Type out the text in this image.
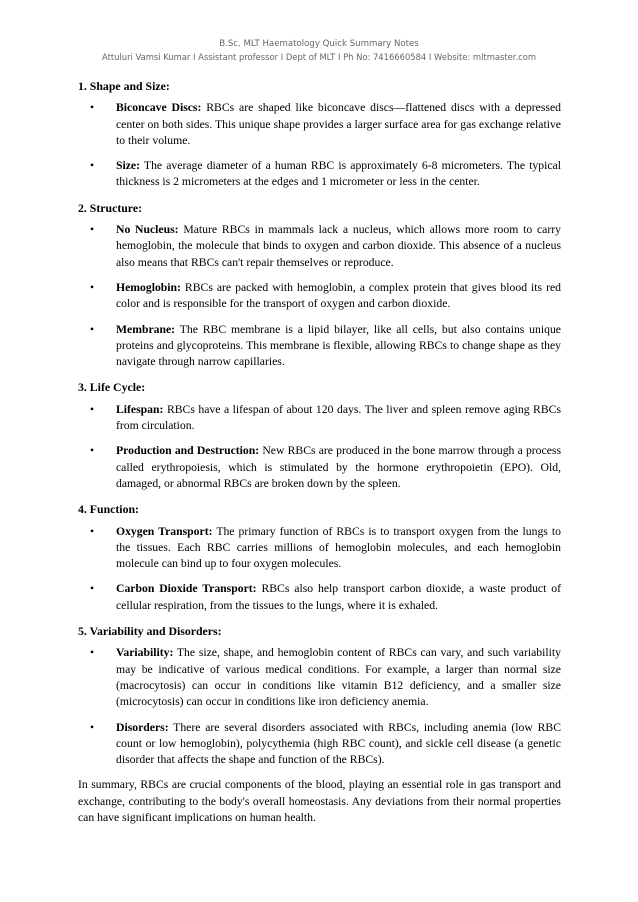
B.Sc. MLT Haematology Quick Summary Notes
Attuluri Vamsi Kumar I Assistant professor I Dept of MLT I Ph No: 7416660584 I Website: mltmaster.com
1. Shape and Size:
• Biconcave Discs: RBCs are shaped like biconcave discs—flattened discs with a depressed center on both sides. This unique shape provides a larger surface area for gas exchange relative to their volume.
• Size: The average diameter of a human RBC is approximately 6-8 micrometers. The typical thickness is 2 micrometers at the edges and 1 micrometer or less in the center.
2. Structure:
• No Nucleus: Mature RBCs in mammals lack a nucleus, which allows more room to carry hemoglobin, the molecule that binds to oxygen and carbon dioxide. This absence of a nucleus also means that RBCs can't repair themselves or reproduce.
• Hemoglobin: RBCs are packed with hemoglobin, a complex protein that gives blood its red color and is responsible for the transport of oxygen and carbon dioxide.
• Membrane: The RBC membrane is a lipid bilayer, like all cells, but also contains unique proteins and glycoproteins. This membrane is flexible, allowing RBCs to change shape as they navigate through narrow capillaries.
3. Life Cycle:
• Lifespan: RBCs have a lifespan of about 120 days. The liver and spleen remove aging RBCs from circulation.
• Production and Destruction: New RBCs are produced in the bone marrow through a process called erythropoiesis, which is stimulated by the hormone erythropoietin (EPO). Old, damaged, or abnormal RBCs are broken down by the spleen.
4. Function:
• Oxygen Transport: The primary function of RBCs is to transport oxygen from the lungs to the tissues. Each RBC carries millions of hemoglobin molecules, and each hemoglobin molecule can bind up to four oxygen molecules.
• Carbon Dioxide Transport: RBCs also help transport carbon dioxide, a waste product of cellular respiration, from the tissues to the lungs, where it is exhaled.
5. Variability and Disorders:
• Variability: The size, shape, and hemoglobin content of RBCs can vary, and such variability may be indicative of various medical conditions. For example, a larger than normal size (macrocytosis) can occur in conditions like vitamin B12 deficiency, and a smaller size (microcytosis) can occur in conditions like iron deficiency anemia.
• Disorders: There are several disorders associated with RBCs, including anemia (low RBC count or low hemoglobin), polycythemia (high RBC count), and sickle cell disease (a genetic disorder that affects the shape and function of the RBCs).

In summary, RBCs are crucial components of the blood, playing an essential role in gas transport and exchange, contributing to the body's overall homeostasis. Any deviations from their normal properties can have significant implications on human health.
